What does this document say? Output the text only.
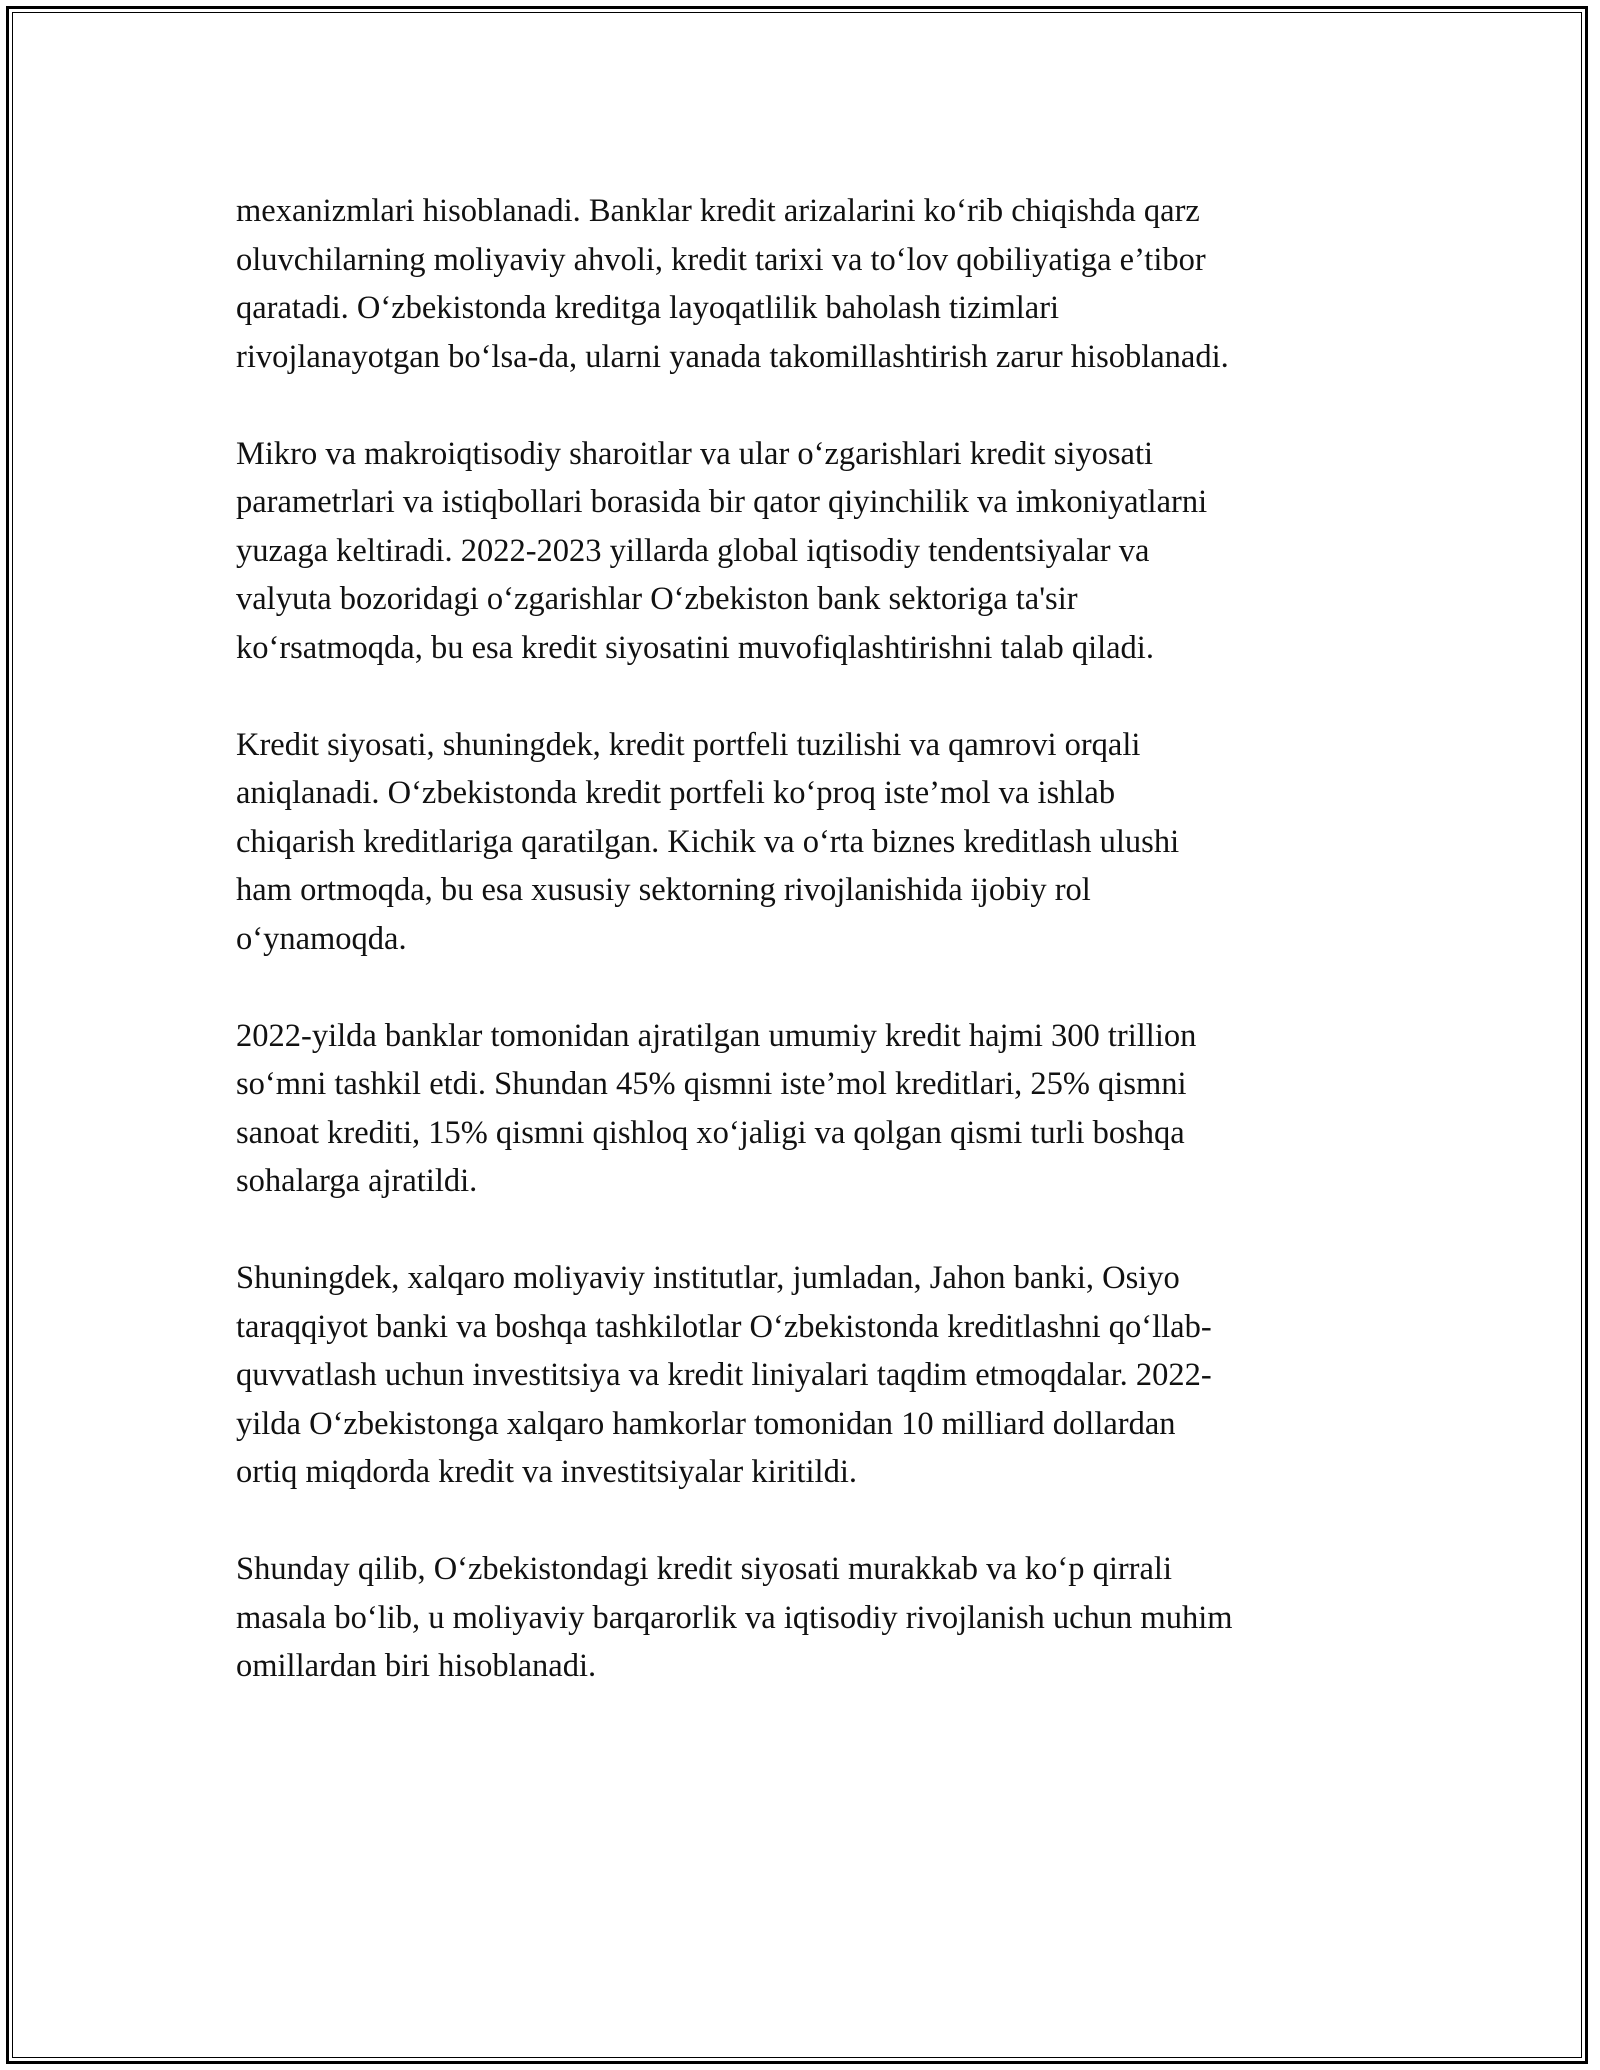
mexanizmlari hisoblanadi. Banklar kredit arizalarini ko‘rib chiqishda qarz
oluvchilarning moliyaviy ahvoli, kredit tarixi va to‘lov qobiliyatiga e’tibor
qaratadi. O‘zbekistonda kreditga layoqatlilik baholash tizimlari
rivojlanayotgan bo‘lsa-da, ularni yanada takomillashtirish zarur hisoblanadi.

Mikro va makroiqtisodiy sharoitlar va ular o‘zgarishlari kredit siyosati
parametrlari va istiqbollari borasida bir qator qiyinchilik va imkoniyatlarni
yuzaga keltiradi. 2022-2023 yillarda global iqtisodiy tendentsiyalar va
valyuta bozoridagi o‘zgarishlar O‘zbekiston bank sektoriga ta'sir
ko‘rsatmoqda, bu esa kredit siyosatini muvofiqlashtirishni talab qiladi.

Kredit siyosati, shuningdek, kredit portfeli tuzilishi va qamrovi orqali
aniqlanadi. O‘zbekistonda kredit portfeli ko‘proq iste’mol va ishlab
chiqarish kreditlariga qaratilgan. Kichik va o‘rta biznes kreditlash ulushi
ham ortmoqda, bu esa xususiy sektorning rivojlanishida ijobiy rol
o‘ynamoqda.

2022-yilda banklar tomonidan ajratilgan umumiy kredit hajmi 300 trillion
so‘mni tashkil etdi. Shundan 45% qismni iste’mol kreditlari, 25% qismni
sanoat krediti, 15% qismni qishloq xo‘jaligi va qolgan qismi turli boshqa
sohalarga ajratildi.

Shuningdek, xalqaro moliyaviy institutlar, jumladan, Jahon banki, Osiyo
taraqqiyot banki va boshqa tashkilotlar O‘zbekistonda kreditlashni qo‘llab-
quvvatlash uchun investitsiya va kredit liniyalari taqdim etmoqdalar. 2022-
yilda O‘zbekistonga xalqaro hamkorlar tomonidan 10 milliard dollardan
ortiq miqdorda kredit va investitsiyalar kiritildi.

Shunday qilib, O‘zbekistondagi kredit siyosati murakkab va ko‘p qirrali
masala bo‘lib, u moliyaviy barqarorlik va iqtisodiy rivojlanish uchun muhim
omillardan biri hisoblanadi.
